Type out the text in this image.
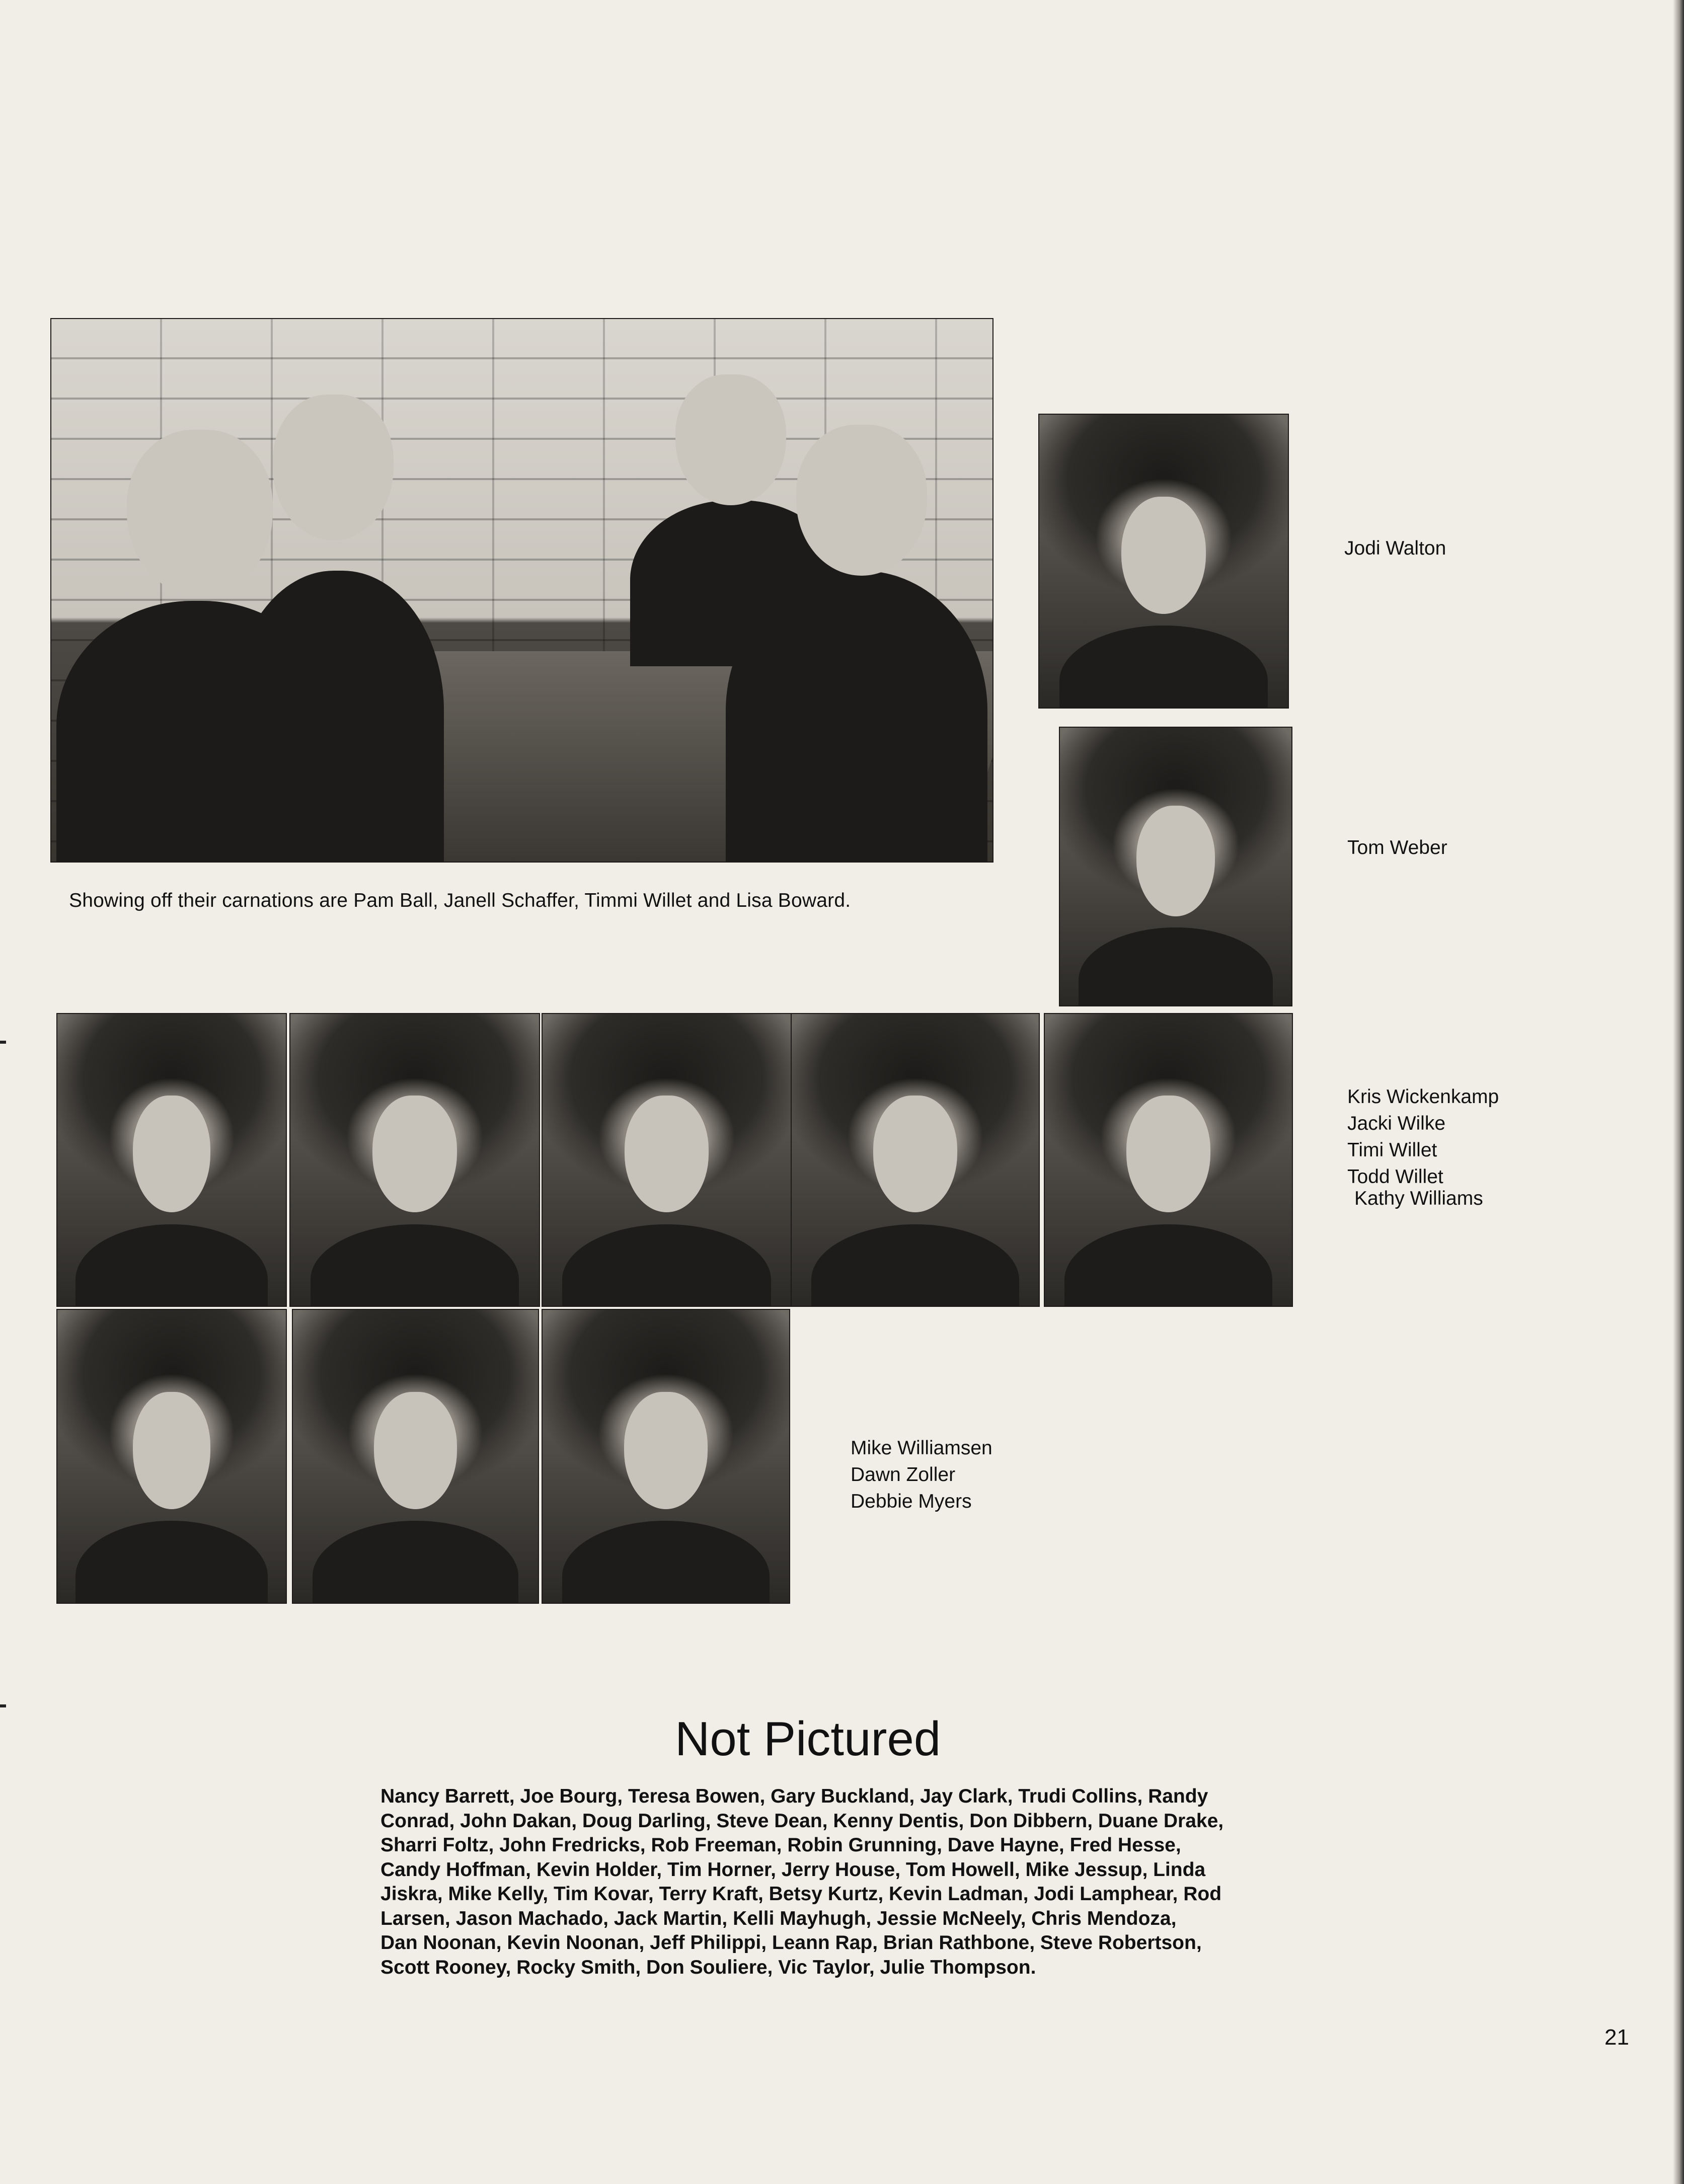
Showing off their carnations are Pam Ball, Janell Schaffer, Timmi Willet and Lisa Boward.
Jodi Walton
Tom Weber
Kris Wickenkamp
Jacki Wilke
Timi Willet
Todd Willet
Kathy Williams
Mike Williamsen
Dawn Zoller
Debbie Myers
Not Pictured
Nancy Barrett, Joe Bourg, Teresa Bowen, Gary Buckland, Jay Clark, Trudi Collins, Randy
Conrad, John Dakan, Doug Darling, Steve Dean, Kenny Dentis, Don Dibbern, Duane Drake,
Sharri Foltz, John Fredricks, Rob Freeman, Robin Grunning, Dave Hayne, Fred Hesse,
Candy Hoffman, Kevin Holder, Tim Horner, Jerry House, Tom Howell, Mike Jessup, Linda
Jiskra, Mike Kelly, Tim Kovar, Terry Kraft, Betsy Kurtz, Kevin Ladman, Jodi Lamphear, Rod
Larsen, Jason Machado, Jack Martin, Kelli Mayhugh, Jessie McNeely, Chris Mendoza,
Dan Noonan, Kevin Noonan, Jeff Philippi, Leann Rap, Brian Rathbone, Steve Robertson,
Scott Rooney, Rocky Smith, Don Souliere, Vic Taylor, Julie Thompson.
21
